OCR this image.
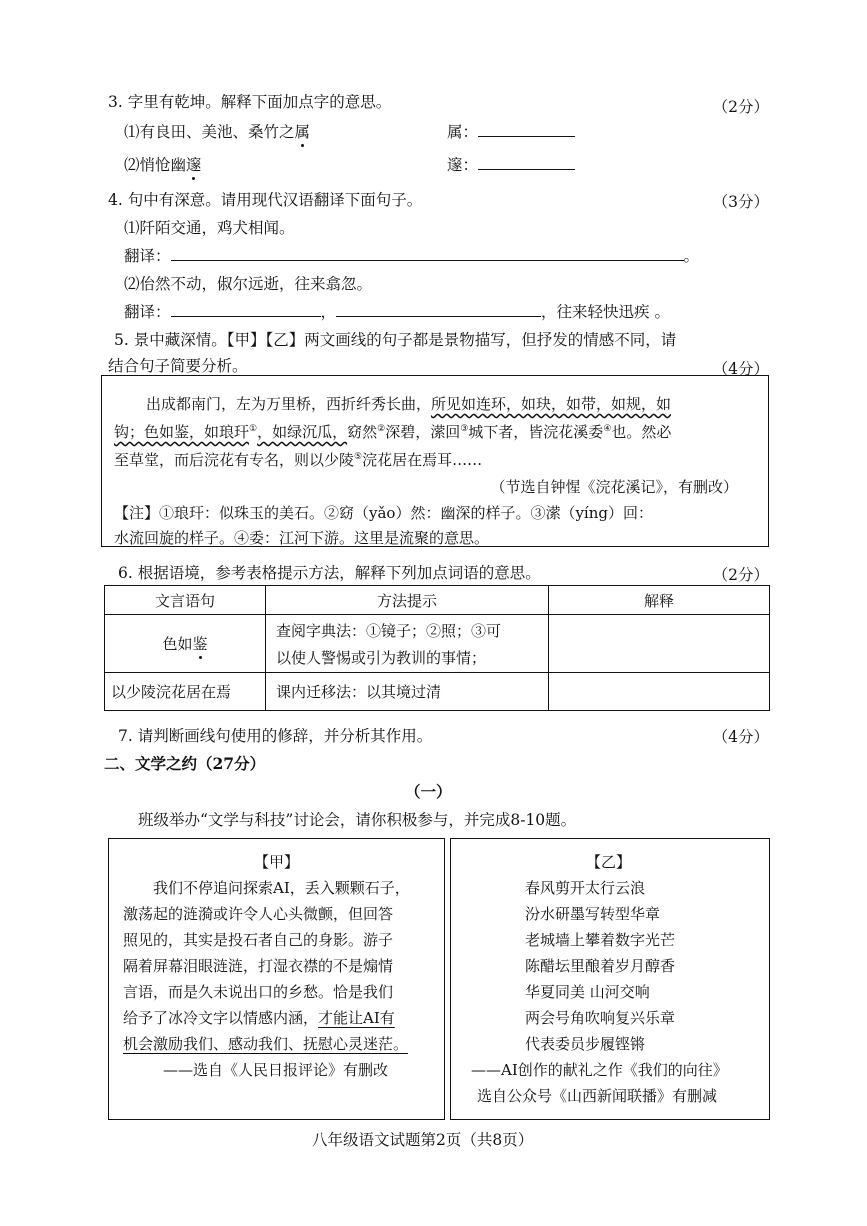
3. 字里有乾坤。解释下面加点字的意思。	（2分）
⑴有良田、美池、桑竹之属	属：
⑵悄怆幽邃	邃：
4. 句中有深意。请用现代汉语翻译下面句子。	（3分）
⑴阡陌交通，鸡犬相闻。
翻译：	。
⑵佁然不动，俶尔远逝，往来翕忽。
翻译：	，	，往来轻快迅疾 。
5. 景中藏深情。【甲】【乙】两文画线的句子都是景物描写，但抒发的情感不同，请
结合句子简要分析。	（4分）
出成都南门，左为万里桥，西折纤秀长曲，所见如连环，如玦，如带，如规，如
钩；色如鉴，如琅玕①，如绿沉瓜，窈然②深碧，潆回③城下者，皆浣花溪委④也。然必
至草堂，而后浣花有专名，则以少陵⑤浣花居在焉耳……
（节选自钟惺《浣花溪记》，有删改）
【注】①琅玕：似珠玉的美石。②窈（yǎo）然：幽深的样子。③潆（yíng）回：
水流回旋的样子。④委：江河下游。这里是流聚的意思。
6. 根据语境，参考表格提示方法，解释下列加点词语的意思。	（2分）
文言语句	方法提示	解释
色如鉴	查阅字典法：①镜子；②照；③可
以使人警惕或引为教训的事情；	

以少陵浣花居在焉	课内迁移法：以其境过清	
7. 请判断画线句使用的修辞，并分析其作用。	（4分）
二、文学之约（27分）
（一）
班级举办“文学与科技”讨论会，请你积极参与，并完成8-10题。
【甲】
我们不停追问探索AI，丢入颗颗石子，
激荡起的涟漪或许令人心头微颤，但回答
照见的，其实是投石者自己的身影。游子
隔着屏幕泪眼涟涟，打湿衣襟的不是煽情
言语，而是久未说出口的乡愁。恰是我们
给予了冰冷文字以情感内涵，才能让AI有
机会激励我们、感动我们、抚慰心灵迷茫。
——选自《人民日报评论》有删改
【乙】
春风剪开太行云浪
汾水研墨写转型华章
老城墙上攀着数字光芒
陈醋坛里酿着岁月醇香
华夏同美 山河交响
两会号角吹响复兴乐章
代表委员步履铿锵
——AI创作的献礼之作《我们的向往》
选自公众号《山西新闻联播》有删减
八年级语文试题第2页（共8页）
